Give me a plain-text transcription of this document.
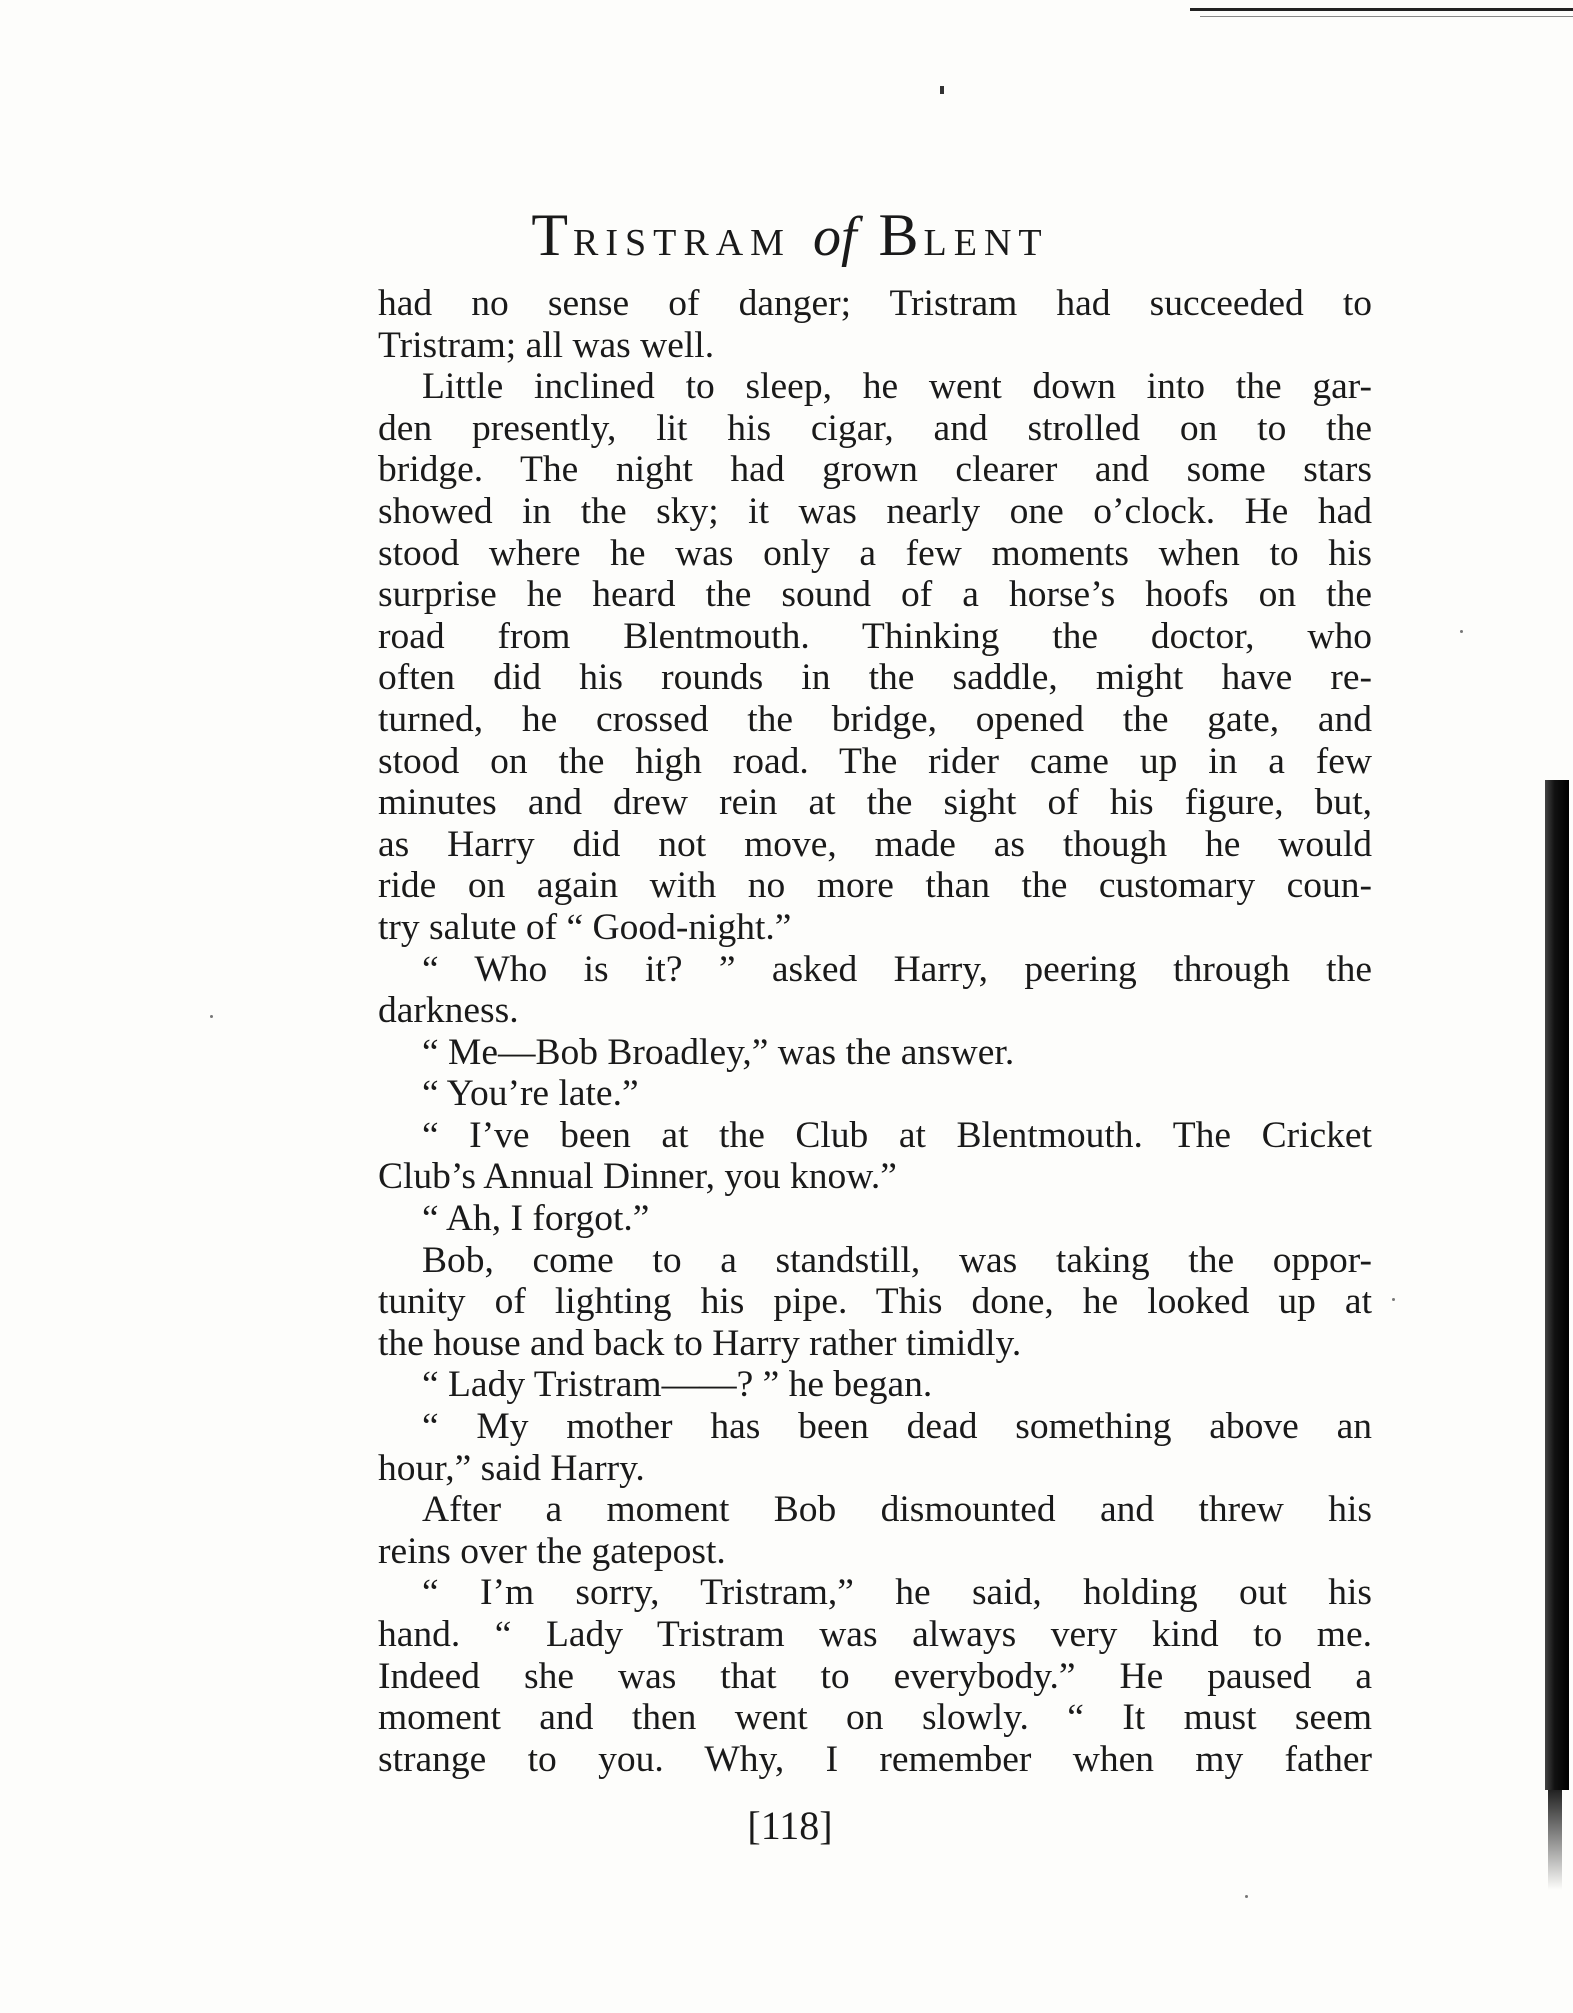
TRISTRAM of BLENT
had no sense of danger; Tristram had succeeded to
Tristram; all was well.
Little inclined to sleep, he went down into the gar-
den presently, lit his cigar, and strolled on to the
bridge. The night had grown clearer and some stars
showed in the sky; it was nearly one o’clock. He had
stood where he was only a few moments when to his
surprise he heard the sound of a horse’s hoofs on the
road from Blentmouth. Thinking the doctor, who
often did his rounds in the saddle, might have re-
turned, he crossed the bridge, opened the gate, and
stood on the high road. The rider came up in a few
minutes and drew rein at the sight of his figure, but,
as Harry did not move, made as though he would
ride on again with no more than the customary coun-
try salute of “ Good-night.”
“ Who is it? ” asked Harry, peering through the
darkness.
“ Me—Bob Broadley,” was the answer.
“ You’re late.”
“ I’ve been at the Club at Blentmouth. The Cricket
Club’s Annual Dinner, you know.”
“ Ah, I forgot.”
Bob, come to a standstill, was taking the oppor-
tunity of lighting his pipe. This done, he looked up at
the house and back to Harry rather timidly.
“ Lady Tristram——? ” he began.
“ My mother has been dead something above an
hour,” said Harry.
After a moment Bob dismounted and threw his
reins over the gatepost.
“ I’m sorry, Tristram,” he said, holding out his
hand. “ Lady Tristram was always very kind to me.
Indeed she was that to everybody.” He paused a
moment and then went on slowly. “ It must seem
strange to you. Why, I remember when my father
[118]
